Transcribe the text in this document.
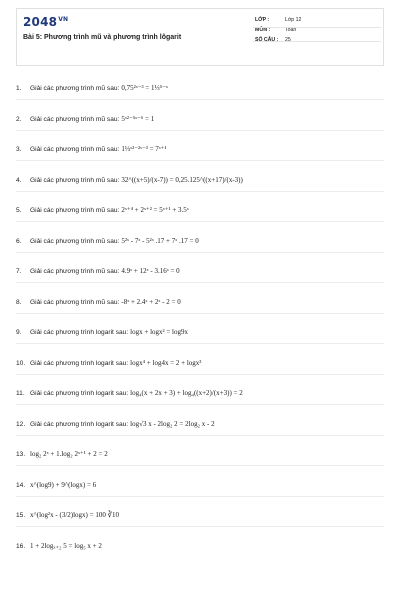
$2048^{VN}$
Bài 5: Phương trình mũ và phương trình lôgarit
LỚP :	Lớp 12
MÔN :	Toán
SỐ CÂU :	25
1.	Giải các phương trình mũ sau: 0,75²ˣ⁻³ = 1⅓⁵⁻ˣ
2.	Giải các phương trình mũ sau: 5ˣ²⁻⁵ˣ⁻⁶ = 1
3.	Giải các phương trình mũ sau: 1⅓ˣ²⁻²ˣ⁻³ = 7ˣ⁺¹
4.	Giải các phương trình mũ sau: 32^((x+5)/(x-7)) = 0,25.125^((x+17)/(x-3))
5.	Giải các phương trình mũ sau: 2ˣ⁺⁴ + 2ˣ⁺² = 5ˣ⁺¹ + 3.5ˣ
6.	Giải các phương trình mũ sau: 5²ˣ - 7ˣ - 5²ˣ .17 + 7ˣ .17 = 0
7.	Giải các phương trình mũ sau: 4.9ˣ + 12ˣ - 3.16ˣ = 0
8.	Giải các phương trình mũ sau: -8ˣ + 2.4ˣ + 2ˣ - 2 = 0
9.	Giải các phương trình logarit sau: logx + logx² = log9x
10. Giải các phương trình logarit sau: logx⁴ + log4x = 2 + logx³
11. Giải các phương trình logarit sau: log₄(x + 2x + 3) + log₄((x+2)/(x+3)) = 2
12. Giải các phương trình logarit sau: log√3 x - 2log₂ 2 = 2log₂ x - 2
13. log₂ 2ˣ + 1.log₂ 2ˣ⁺¹ + 2 = 2
14. x^(log9) + 9^(logx) = 6
15. x^(log²x - (3/2)logx) = 100 ∛10
16. 1 + 2logₓ₊₂ 5 = log₅ x + 2
